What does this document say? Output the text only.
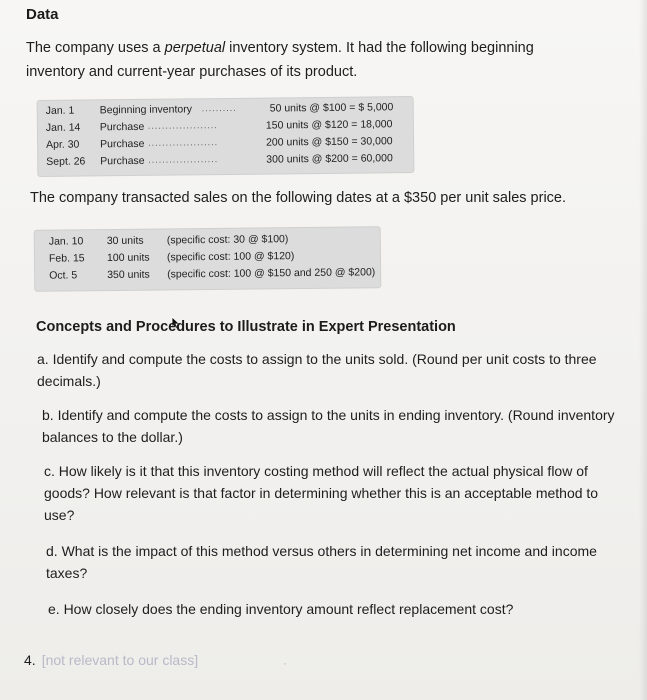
Data
The company uses a perpetual inventory system. It had the following beginning inventory and current-year purchases of its product.
Jan. 1 Beginning inventory ..........	50 units @ $100 = $ 5,000
Jan. 14 Purchase ....................	150 units @ $120 = 18,000
Apr. 30 Purchase ....................	200 units @ $150 = 30,000
Sept. 26 Purchase ....................	300 units @ $200 = 60,000
The company transacted sales on the following dates at a $350 per unit sales price.
Jan. 10 30 units (specific cost: 30 @ $100)
Feb. 15 100 units (specific cost: 100 @ $120)
Oct. 5	350 units (specific cost: 100 @ $150 and 250 @ $200)
Concepts and Procedures to Illustrate in Expert Presentation
a. Identify and compute the costs to assign to the units sold. (Round per unit costs to three decimals.)
b. Identify and compute the costs to assign to the units in ending inventory. (Round inventory balances to the dollar.)
c. How likely is it that this inventory costing method will reflect the actual physical flow of goods? How relevant is that factor in determining whether this is an acceptable method to use?
d. What is the impact of this method versus others in determining net income and income taxes?
e. How closely does the ending inventory amount reflect replacement cost?
4. [not relevant to our class]	·
